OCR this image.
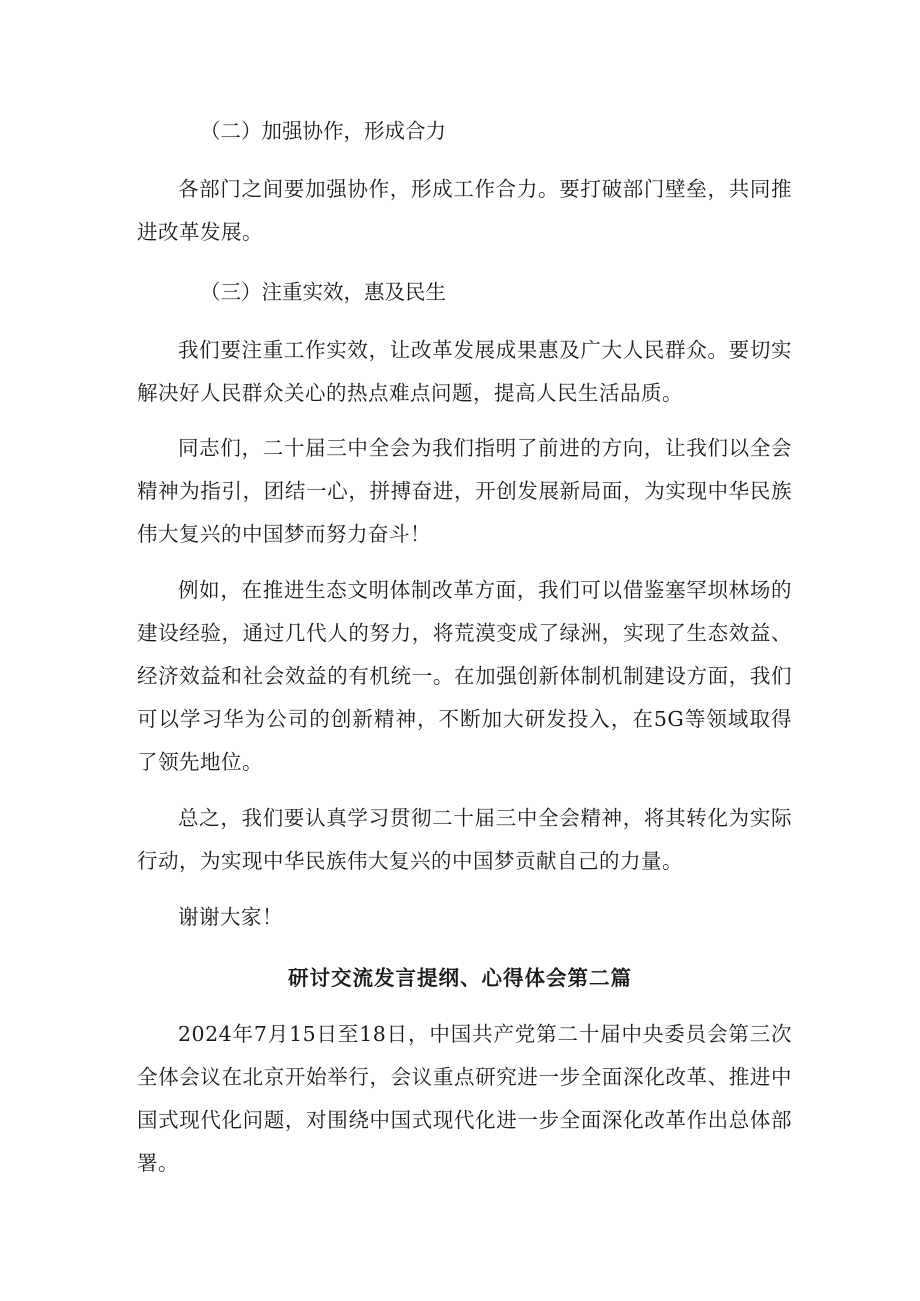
（二）加强协作，形成合力

各部门之间要加强协作，形成工作合力。要打破部门壁垒，共同推进改革发展。

（三）注重实效，惠及民生

我们要注重工作实效，让改革发展成果惠及广大人民群众。要切实解决好人民群众关心的热点难点问题，提高人民生活品质。

同志们，二十届三中全会为我们指明了前进的方向，让我们以全会精神为指引，团结一心，拼搏奋进，开创发展新局面，为实现中华民族伟大复兴的中国梦而努力奋斗！

例如，在推进生态文明体制改革方面，我们可以借鉴塞罕坝林场的建设经验，通过几代人的努力，将荒漠变成了绿洲，实现了生态效益、经济效益和社会效益的有机统一。在加强创新体制机制建设方面，我们可以学习华为公司的创新精神，不断加大研发投入，在5G等领域取得了领先地位。

总之，我们要认真学习贯彻二十届三中全会精神，将其转化为实际行动，为实现中华民族伟大复兴的中国梦贡献自己的力量。

谢谢大家！

研讨交流发言提纲、心得体会第二篇

2024年7月15日至18日，中国共产党第二十届中央委员会第三次全体会议在北京开始举行，会议重点研究进一步全面深化改革、推进中国式现代化问题，对围绕中国式现代化进一步全面深化改革作出总体部署。
